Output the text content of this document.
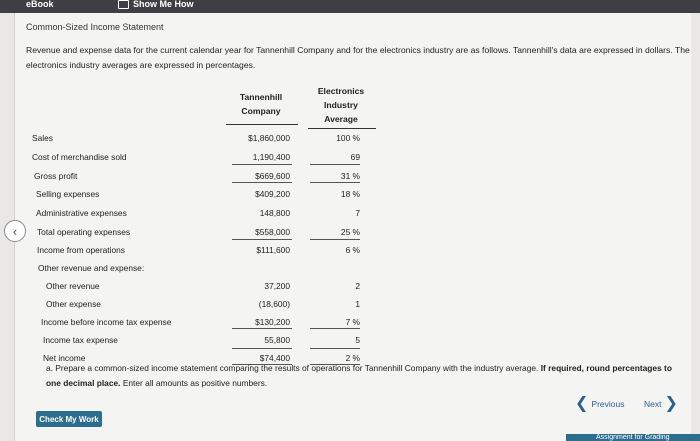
eBook	Show Me How
‹
Common-Sized Income Statement
Revenue and expense data for the current calendar year for Tannenhill Company and for the electronics industry are as follows. Tannenhill's data are expressed in dollars. The electronics industry averages are expressed in percentages.
Tannenhill Company
Electronics Industry Average
Sales	$1,860,000	100 %
Cost of merchandise sold	1,190,400	69
Gross profit	$669,600	31 %
Selling expenses	$409,200	18 %
Administrative expenses	148,800	7
Total operating expenses	$558,000	25 %
Income from operations	$111,600	6 %
Other revenue and expense:
Other revenue	37,200	2
Other expense	(18,600)	1
Income before income tax expense	$130,200	7 %
Income tax expense	55,800	5
Net income	$74,400	2 %
a. Prepare a common-sized income statement comparing the results of operations for Tannenhill Company with the industry average. If required, round percentages to one decimal place. Enter all amounts as positive numbers.
Check My Work
❮ Previous Next ❯
Assignment for Grading
